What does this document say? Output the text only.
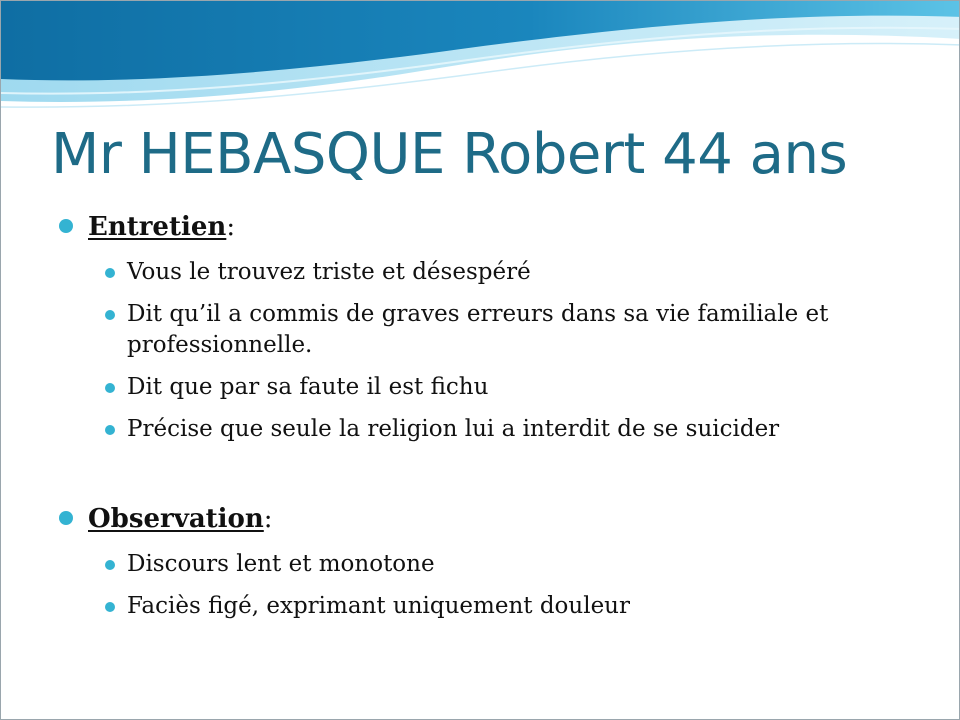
Mr HEBASQUE Robert 44 ans
Entretien:
Vous le trouvez triste et désespéré
Dit qu’il a commis de graves erreurs dans sa vie familiale et professionnelle.
Dit que par sa faute il est fichu
Précise que seule la religion lui a interdit de se suicider
Observation:
Discours lent et monotone
Faciès figé, exprimant uniquement douleur
